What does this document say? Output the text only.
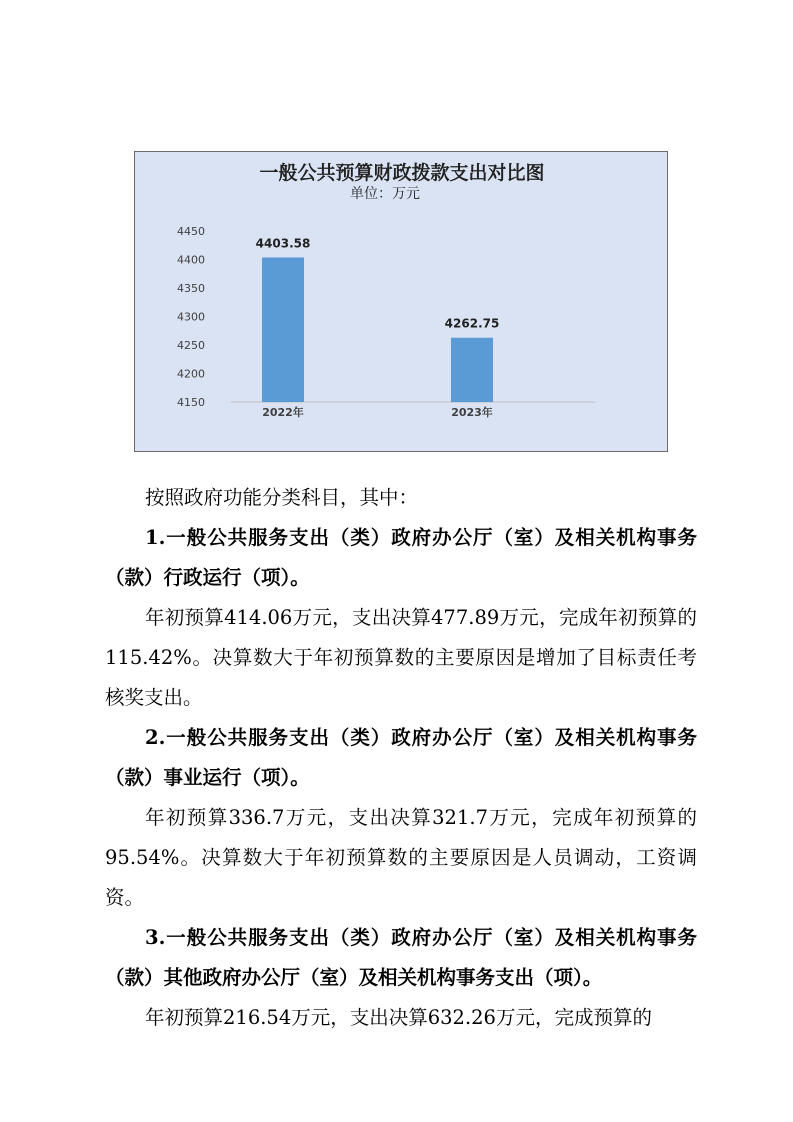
一般公共预算财政拨款支出对比图
单位：万元
4450
4400
4350
4300
4250
4200
4150
4403.58
2022年
4262.75
2023年

按照政府功能分类科目，其中：

1.一般公共服务支出（类）政府办公厅（室）及相关机构事务（款）行政运行（项）。

年初预算414.06万元，支出决算477.89万元，完成年初预算的115.42%。决算数大于年初预算数的主要原因是增加了目标责任考核奖支出。

2.一般公共服务支出（类）政府办公厅（室）及相关机构事务（款）事业运行（项）。

年初预算336.7万元，支出决算321.7万元，完成年初预算的95.54%。决算数大于年初预算数的主要原因是人员调动，工资调资。

3.一般公共服务支出（类）政府办公厅（室）及相关机构事务（款）其他政府办公厅（室）及相关机构事务支出（项）。

年初预算216.54万元，支出决算632.26万元，完成预算的
